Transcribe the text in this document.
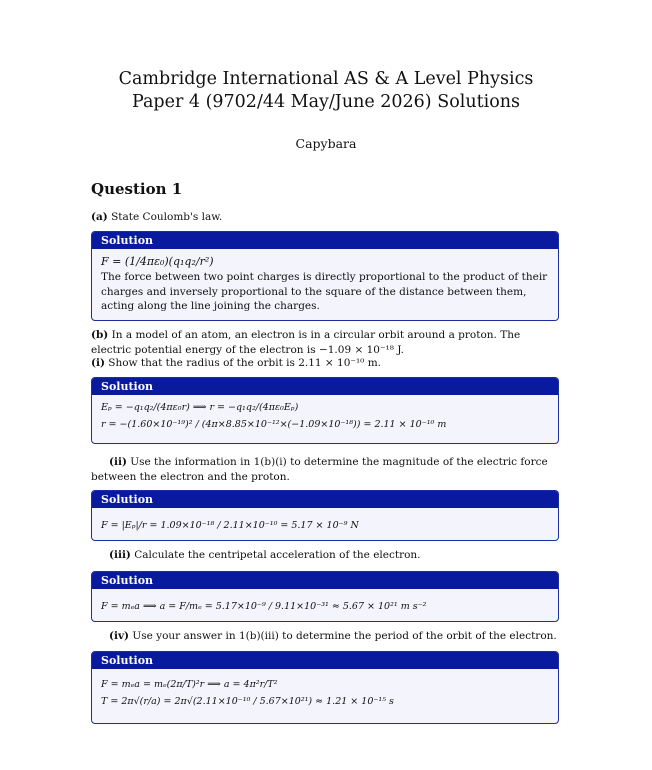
Cambridge International AS & A Level Physics
Paper 4 (9702/44 May/June 2026) Solutions
Capybara
Question 1
(a) State Coulomb's law.
Solution
F = (1/4πε₀)(q₁q₂/r²)
The force between two point charges is directly proportional to the product of their charges and inversely proportional to the square of the distance between them, acting along the line joining the charges.
(b) In a model of an atom, an electron is in a circular orbit around a proton. The electric potential energy of the electron is −1.09 × 10⁻¹⁸ J.
(i) Show that the radius of the orbit is 2.11 × 10⁻¹⁰ m.
Solution
Eₚ = −q₁q₂/(4πε₀r) ⟹ r = −q₁q₂/(4πε₀Eₚ)
r = −(1.60×10⁻¹⁹)² / (4π×8.85×10⁻¹²×(−1.09×10⁻¹⁸)) = 2.11 × 10⁻¹⁰ m
(ii) Use the information in 1(b)(i) to determine the magnitude of the electric force between the electron and the proton.
Solution
F = |Eₚ|/r = 1.09×10⁻¹⁸ / 2.11×10⁻¹⁰ = 5.17 × 10⁻⁹ N
(iii) Calculate the centripetal acceleration of the electron.
Solution
F = mₑa ⟹ a = F/mₑ = 5.17×10⁻⁹ / 9.11×10⁻³¹ ≈ 5.67 × 10²¹ m s⁻²
(iv) Use your answer in 1(b)(iii) to determine the period of the orbit of the electron.
Solution
F = mₑa = mₑ(2π/T)²r ⟹ a = 4π²r/T²
T = 2π√(r/a) = 2π√(2.11×10⁻¹⁰ / 5.67×10²¹) ≈ 1.21 × 10⁻¹⁵ s
